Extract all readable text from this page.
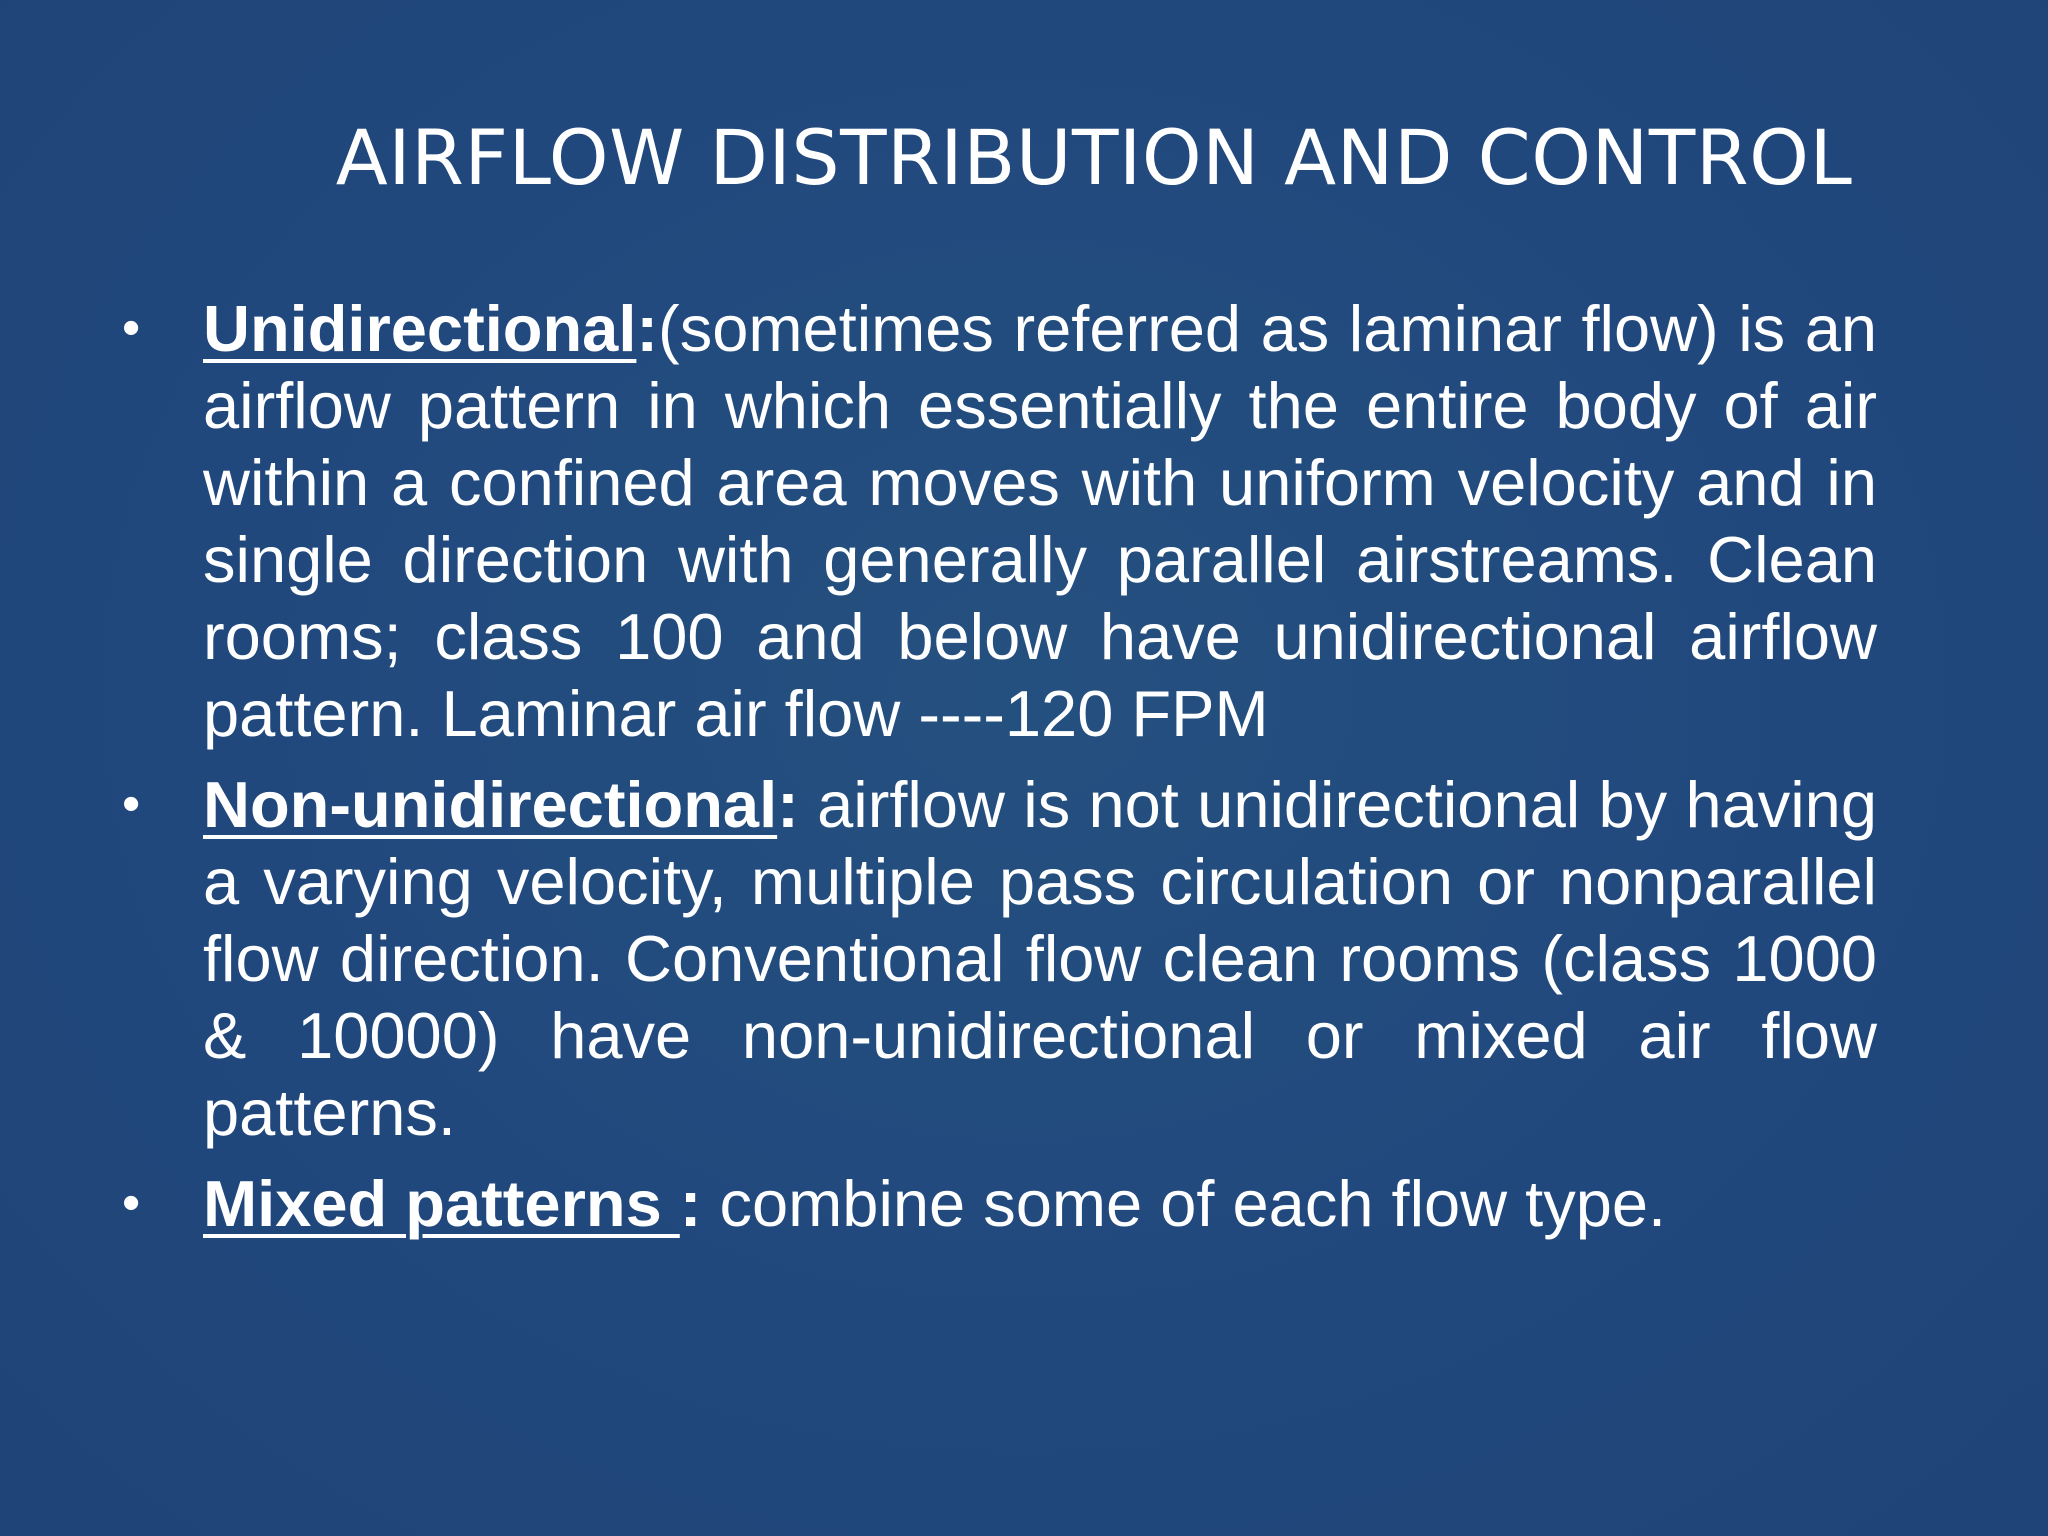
AIRFLOW DISTRIBUTION AND CONTROL
• Unidirectional:(sometimes referred as laminar flow) is an airflow pattern in which essentially the entire body of air within a confined area moves with uniform velocity and in single direction with generally parallel airstreams. Clean rooms; class 100 and below have unidirectional airflow pattern. Laminar air flow ----120 FPM
• Non-unidirectional: airflow is not unidirectional by having a varying velocity, multiple pass circulation or nonparallel flow direction. Conventional flow clean rooms (class 1000 & 10000) have non-unidirectional or mixed air flow patterns.
• Mixed patterns : combine some of each flow type.
